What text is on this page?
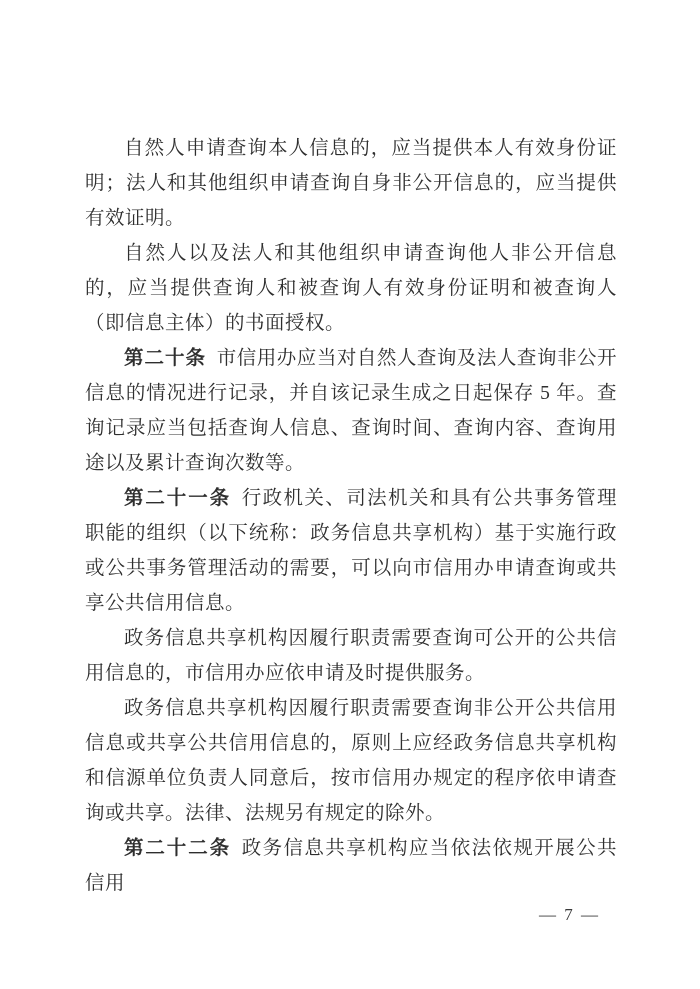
自然人申请查询本人信息的，应当提供本人有效身份证明；法人和其他组织申请查询自身非公开信息的，应当提供有效证明。

自然人以及法人和其他组织申请查询他人非公开信息的，应当提供查询人和被查询人有效身份证明和被查询人（即信息主体）的书面授权。

第二十条 市信用办应当对自然人查询及法人查询非公开信息的情况进行记录，并自该记录生成之日起保存 5 年。查询记录应当包括查询人信息、查询时间、查询内容、查询用途以及累计查询次数等。

第二十一条 行政机关、司法机关和具有公共事务管理职能的组织（以下统称：政务信息共享机构）基于实施行政或公共事务管理活动的需要，可以向市信用办申请查询或共享公共信用信息。

政务信息共享机构因履行职责需要查询可公开的公共信用信息的，市信用办应依申请及时提供服务。

政务信息共享机构因履行职责需要查询非公开公共信用信息或共享公共信用信息的，原则上应经政务信息共享机构和信源单位负责人同意后，按市信用办规定的程序依申请查询或共享。法律、法规另有规定的除外。

第二十二条 政务信息共享机构应当依法依规开展公共信用

— 7 —
